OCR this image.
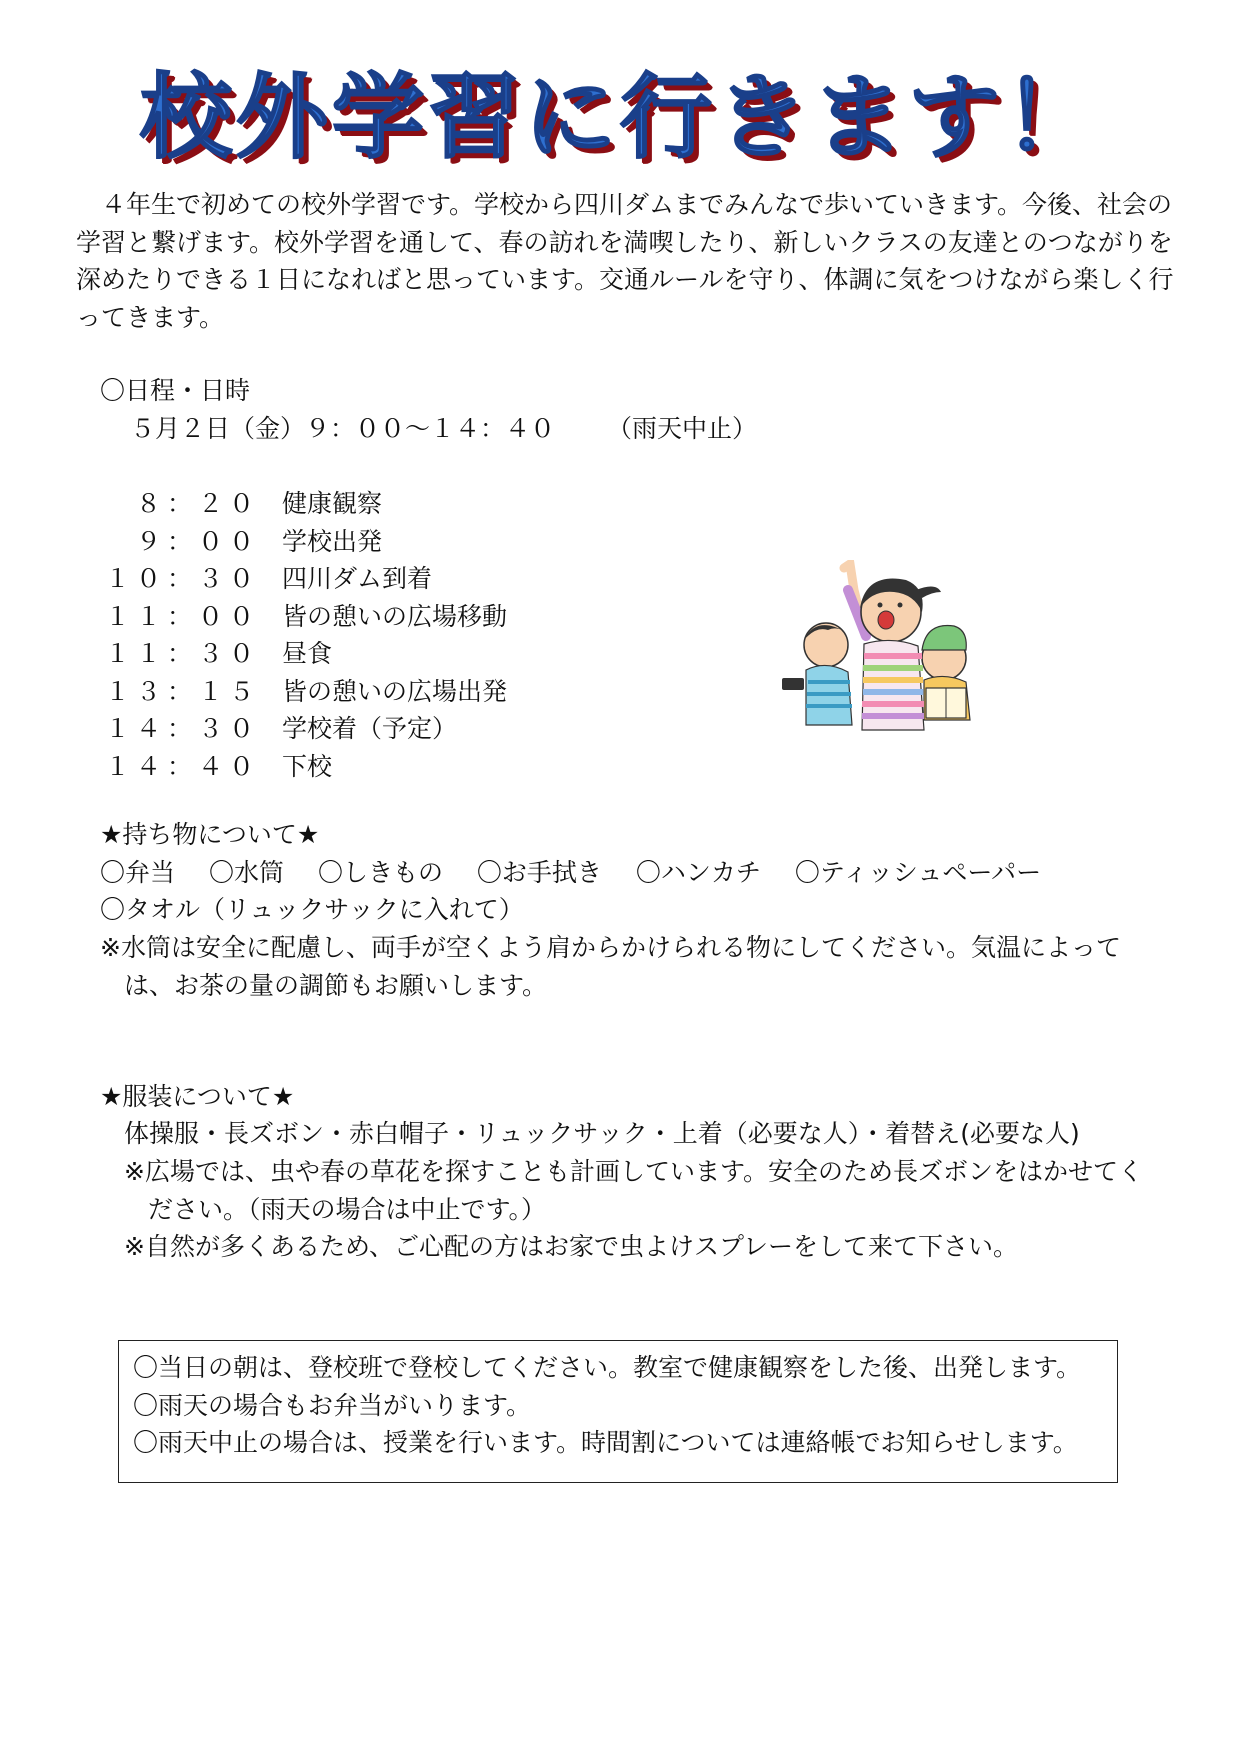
校外学習に行きます！

　４年生で初めての校外学習です。学校から四川ダムまでみんなで歩いていきます。今後、社会の学習と繋げます。校外学習を通して、春の訪れを満喫したり、新しいクラスの友達とのつながりを深めたりできる１日になればと思っています。交通ルールを守り、体調に気をつけながら楽しく行ってきます。

〇日程・日時
５月２日（金）９：００～１４：４０ （雨天中止）
８：２０ 健康観察
９：００ 学校出発
１０：３０ 四川ダム到着
１１：００ 皆の憩いの広場移動
１１：３０ 昼食
１３：１５ 皆の憩いの広場出発
１４：３０ 学校着（予定）
１４：４０ 下校
★持ち物について★
〇弁当 〇水筒 〇しきもの 〇お手拭き 〇ハンカチ 〇ティッシュペーパー
〇タオル（リュックサックに入れて）
※水筒は安全に配慮し、両手が空くよう肩からかけられる物にしてください。気温によっては、お茶の量の調節もお願いします。
★服装について★
体操服・長ズボン・赤白帽子・リュックサック・上着（必要な人）・着替え(必要な人)
※広場では、虫や春の草花を探すことも計画しています。安全のため長ズボンをはかせてください。（雨天の場合は中止です。）
※自然が多くあるため、ご心配の方はお家で虫よけスプレーをして来て下さい。
〇当日の朝は、登校班で登校してください。教室で健康観察をした後、出発します。
〇雨天の場合もお弁当がいります。
〇雨天中止の場合は、授業を行います。時間割については連絡帳でお知らせします。
